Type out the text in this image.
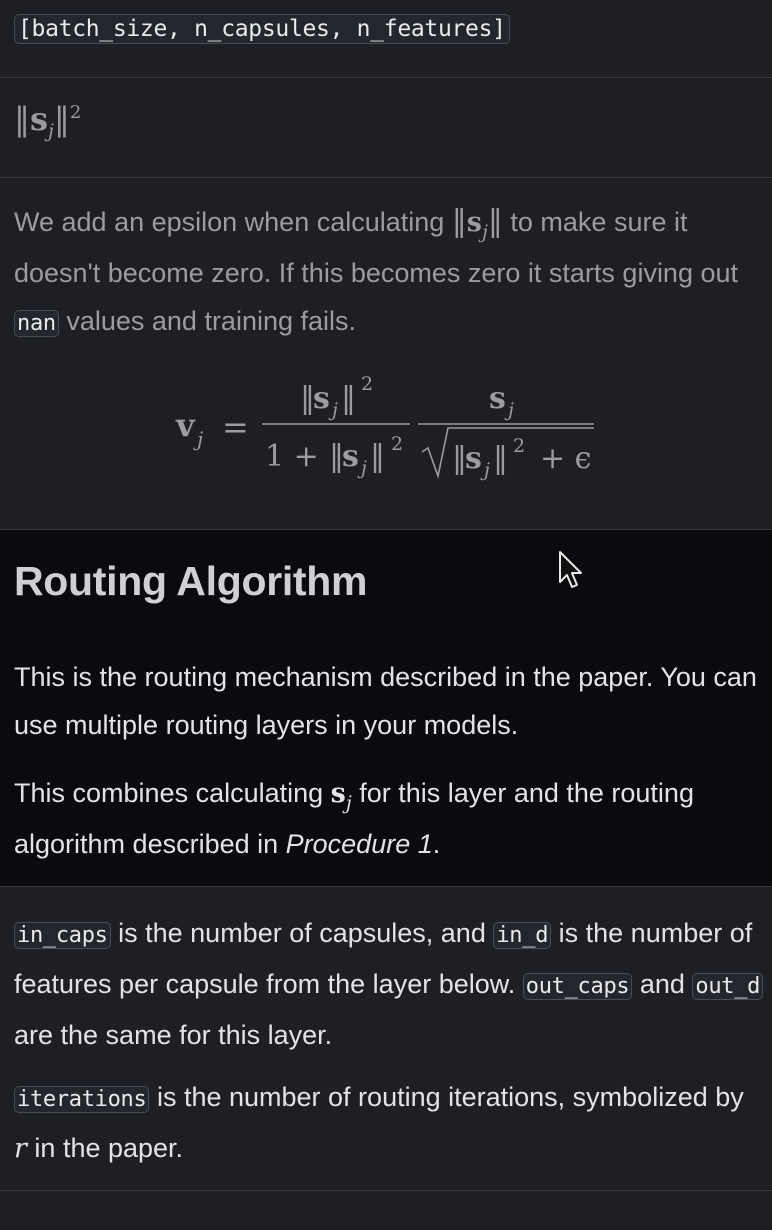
[batch_size, n_capsules, n_features]
$‖s_j‖^2$
We add an epsilon when calculating $‖s_j‖$ to make sure it doesn't become zero. If this becomes zero it starts giving out nan values and training fails.
v j =
‖
s j ‖ 2
1 + ‖
s j ‖ 2
s j
‖
s j ‖ 2 + ϵ
Routing Algorithm
This is the routing mechanism described in the paper. You can use multiple routing layers in your models.
This combines calculating $s_j$ for this layer and the routing algorithm described in Procedure 1.
in_caps is the number of capsules, and in_d is the number of features per capsule from the layer below. out_caps and out_d are the same for this layer.
iterations is the number of routing iterations, symbolized by r in the paper.
